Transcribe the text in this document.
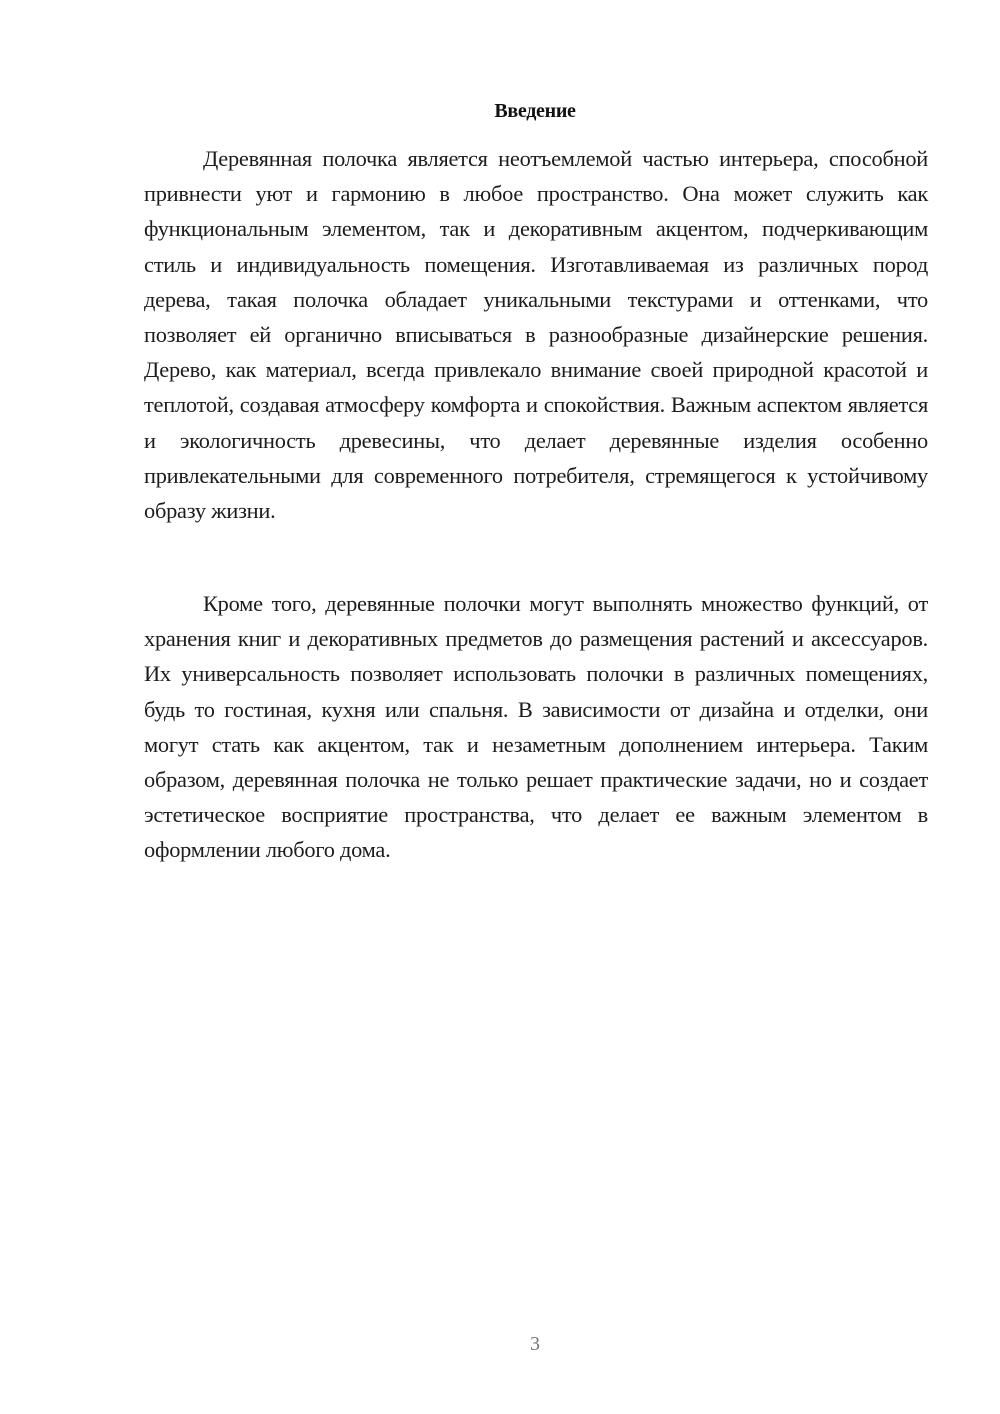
Введение

Деревянная полочка является неотъемлемой частью интерьера, способной привнести уют и гармонию в любое пространство. Она может служить как функциональным элементом, так и декоративным акцентом, подчеркивающим стиль и индивидуальность помещения. Изготавливаемая из различных пород дерева, такая полочка обладает уникальными текстурами и оттенками, что позволяет ей органично вписываться в разнообразные дизайнерские решения. Дерево, как материал, всегда привлекало внимание своей природной красотой и теплотой, создавая атмосферу комфорта и спокойствия. Важным аспектом является и экологичность древесины, что делает деревянные изделия особенно привлекательными для современного потребителя, стремящегося к устойчивому образу жизни.

Кроме того, деревянные полочки могут выполнять множество функций, от хранения книг и декоративных предметов до размещения растений и аксессуаров. Их универсальность позволяет использовать полочки в различных помещениях, будь то гостиная, кухня или спальня. В зависимости от дизайна и отделки, они могут стать как акцентом, так и незаметным дополнением интерьера. Таким образом, деревянная полочка не только решает практические задачи, но и создает эстетическое восприятие пространства, что делает ее важным элементом в оформлении любого дома.

3
